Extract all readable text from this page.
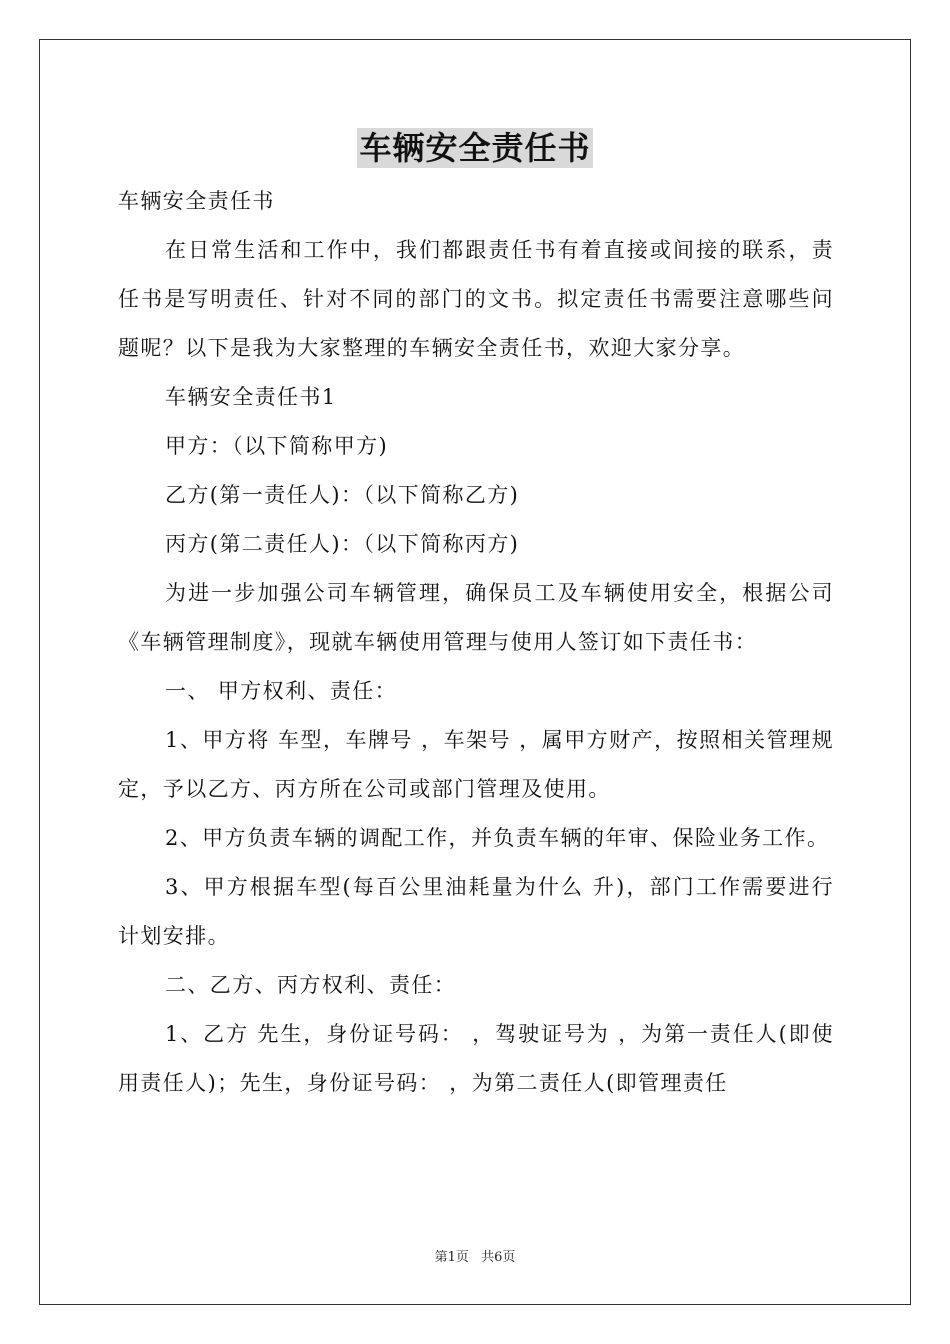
车辆安全责任书

车辆安全责任书

在日常生活和工作中，我们都跟责任书有着直接或间接的联系，责任书是写明责任、针对不同的部门的文书。拟定责任书需要注意哪些问题呢？以下是我为大家整理的车辆安全责任书，欢迎大家分享。

车辆安全责任书1

甲方：（以下简称甲方)

乙方(第一责任人)：（以下简称乙方)

丙方(第二责任人)：（以下简称丙方)

为进一步加强公司车辆管理，确保员工及车辆使用安全，根据公司《车辆管理制度》，现就车辆使用管理与使用人签订如下责任书：

一、 甲方权利、责任：

1、甲方将 车型，车牌号 ，车架号 ，属甲方财产，按照相关管理规定，予以乙方、丙方所在公司或部门管理及使用。

2、甲方负责车辆的调配工作，并负责车辆的年审、保险业务工作。

3、甲方根据车型(每百公里油耗量为什么 升)，部门工作需要进行计划安排。

二、乙方、丙方权利、责任：

1、乙方 先生，身份证号码： ，驾驶证号为 ，为第一责任人(即使用责任人)；先生，身份证号码： ，为第二责任人(即管理责任

第1页 共6页
